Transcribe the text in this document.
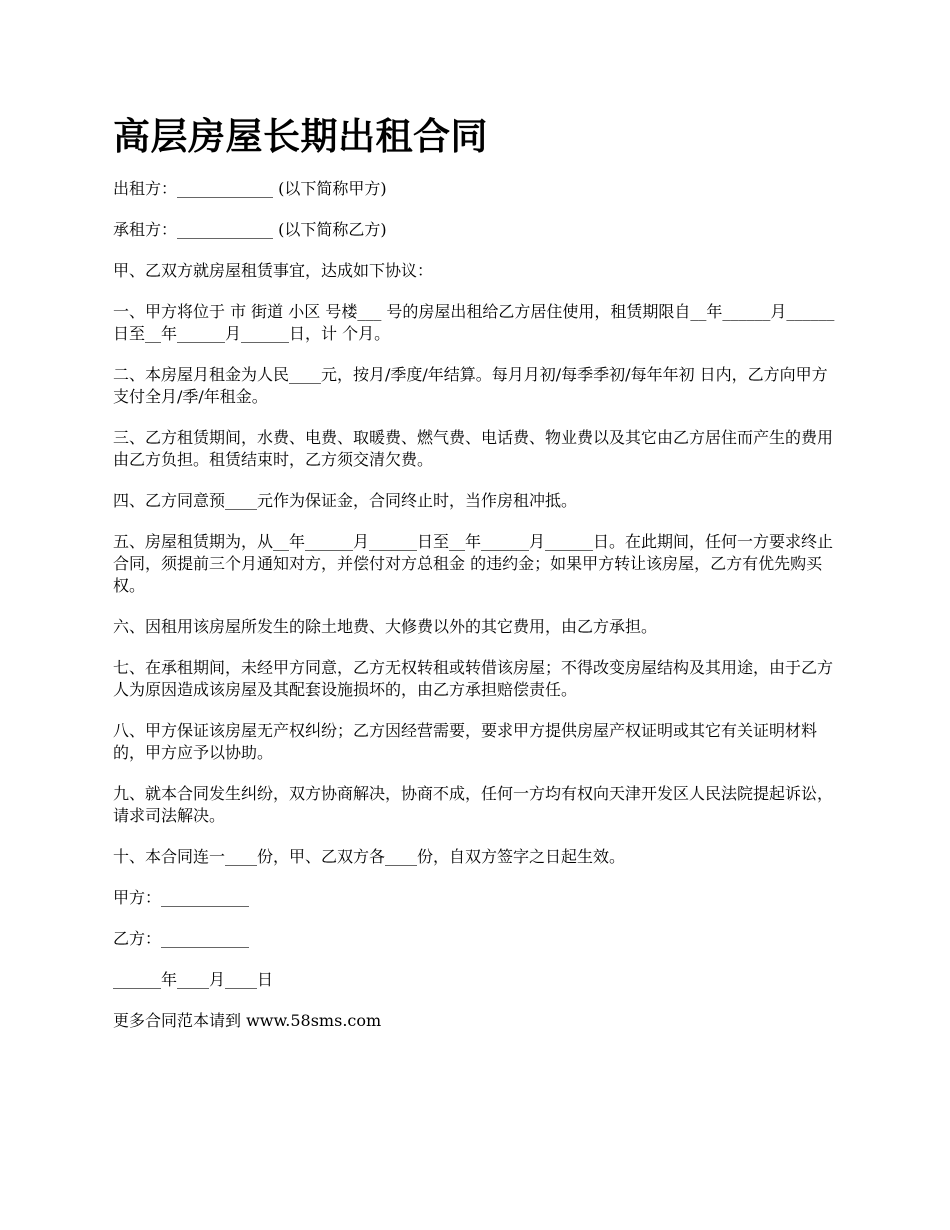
高层房屋长期出租合同

出租方：____________ (以下简称甲方)

承租方：____________ (以下简称乙方)

甲、乙双方就房屋租赁事宜，达成如下协议：

一、甲方将位于 市 街道 小区 号楼___ 号的房屋出租给乙方居住使用，租赁期限自__年______月______日至__年______月______日，计 个月。

二、本房屋月租金为人民____元，按月/季度/年结算。每月月初/每季季初/每年年初 日内，乙方向甲方支付全月/季/年租金。

三、乙方租赁期间，水费、电费、取暖费、燃气费、电话费、物业费以及其它由乙方居住而产生的费用由乙方负担。租赁结束时，乙方须交清欠费。

四、乙方同意预____元作为保证金，合同终止时，当作房租冲抵。

五、房屋租赁期为，从__年______月______日至__年______月______日。在此期间，任何一方要求终止合同，须提前三个月通知对方，并偿付对方总租金 的违约金；如果甲方转让该房屋，乙方有优先购买权。

六、因租用该房屋所发生的除土地费、大修费以外的其它费用，由乙方承担。

七、在承租期间，未经甲方同意，乙方无权转租或转借该房屋；不得改变房屋结构及其用途，由于乙方人为原因造成该房屋及其配套设施损坏的，由乙方承担赔偿责任。

八、甲方保证该房屋无产权纠纷；乙方因经营需要，要求甲方提供房屋产权证明或其它有关证明材料的，甲方应予以协助。

九、就本合同发生纠纷，双方协商解决，协商不成，任何一方均有权向天津开发区人民法院提起诉讼，请求司法解决。

十、本合同连一____份，甲、乙双方各____份，自双方签字之日起生效。

甲方：___________

乙方：___________

______年____月____日

更多合同范本请到 www.58sms.com
